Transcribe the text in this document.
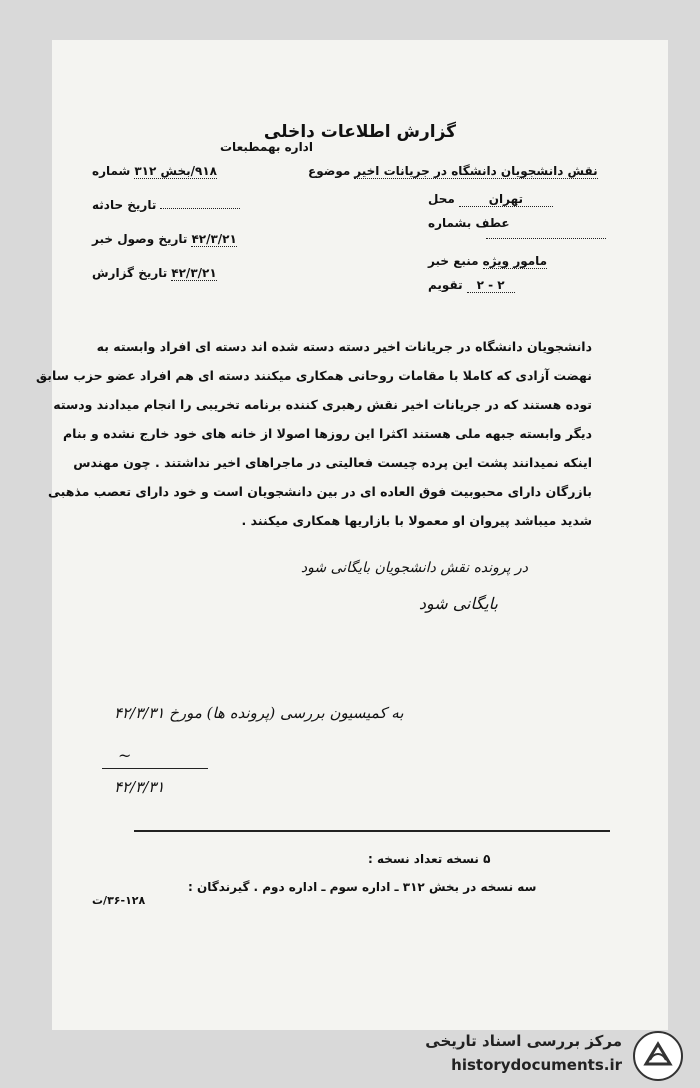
گزارش اطلاعات داخلی
اداره بهمطبعات
شماره ۹۱۸/بخش ۳۱۲
تاریخ حادثه
تاریخ وصول خبر ۴۲/۳/۲۱
تاریخ گزارش ۴۲/۳/۲۱
موضوع نقش دانشجویان دانشگاه در جریانات اخیر
محل	تهران
عطف بشماره
منبع خبر مامور ویژه
تقویم	۲ - ۲
دانشجویان دانشگاه در جریانات اخیر دسته دسته شده اند دسته ای افراد وابسته به
نهضت آزادی که کاملا با مقامات روحانی همکاری میکنند دسته ای هم افراد عضو حزب سابق
توده هستند که در جریانات اخیر نقش رهبری کننده برنامه تخریبی را انجام میدادند ودسته
دیگر وابسته جبهه ملی هستند اکثرا این روزها اصولا از خانه های خود خارج نشده و بنام
اینکه نمیدانند پشت این پرده چیست فعالیتی در ماجراهای اخیر نداشتند . چون مهندس
بازرگان دارای محبوبیت فوق العاده ای در بین دانشجویان است و خود دارای تعصب مذهبی
شدید میباشد پیروان او معمولا با بازاریها همکاری میکنند .
در پرونده نقش دانشجویان بایگانی شود
بایگانی شود
به کمیسیون بررسی (پرونده ها) مورخ ۴۲/۳/۳۱
~
۴۲/۳/۳۱
تعداد نسخه : ۵ نسخه
گیرندگان : سه نسخه در بخش ۳۱۲ ـ اداره سوم ـ اداره دوم .
۳۶-۱۲۸/ت
مرکز بررسی اسناد تاریخی
historydocuments.ir
